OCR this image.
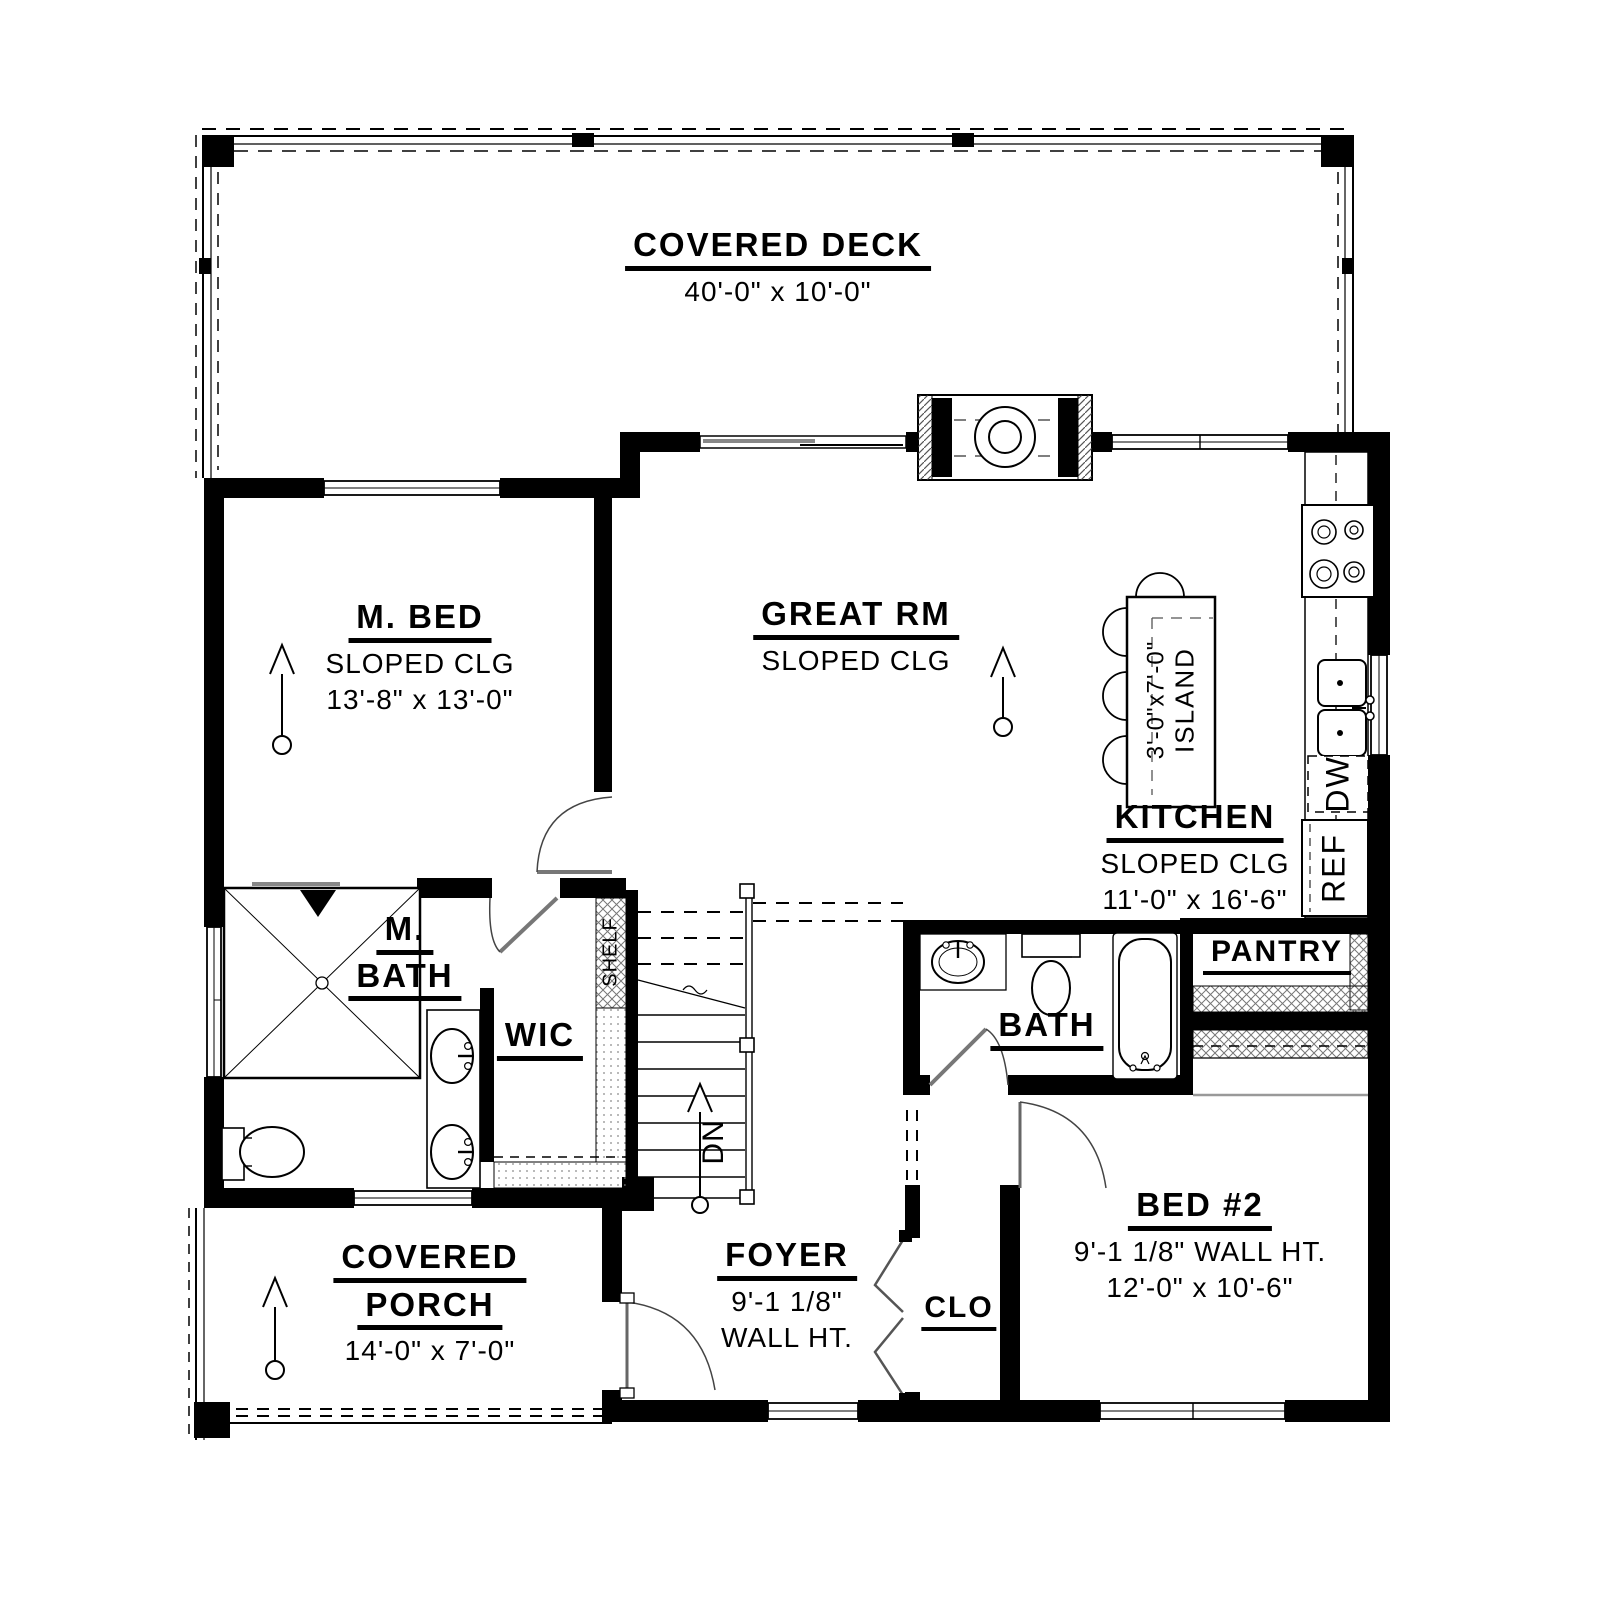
COVERED DECK
40'-0" x 10'-0"
M. BED
SLOPED CLG
13'-8" x 13'-0"
GREAT RM
SLOPED CLG
KITCHEN
SLOPED CLG
11'-0" x 16'-6"
3'-0"x7'-0" ISLAND
DW
REF
M.
BATH
WIC
SHELF
DN
BATH
PANTRY
BED #2
9'-1 1/8" WALL HT.
12'-0" x 10'-6"
FOYER
9'-1 1/8"
WALL HT.
CLO
COVERED
PORCH
14'-0" x 7'-0"
